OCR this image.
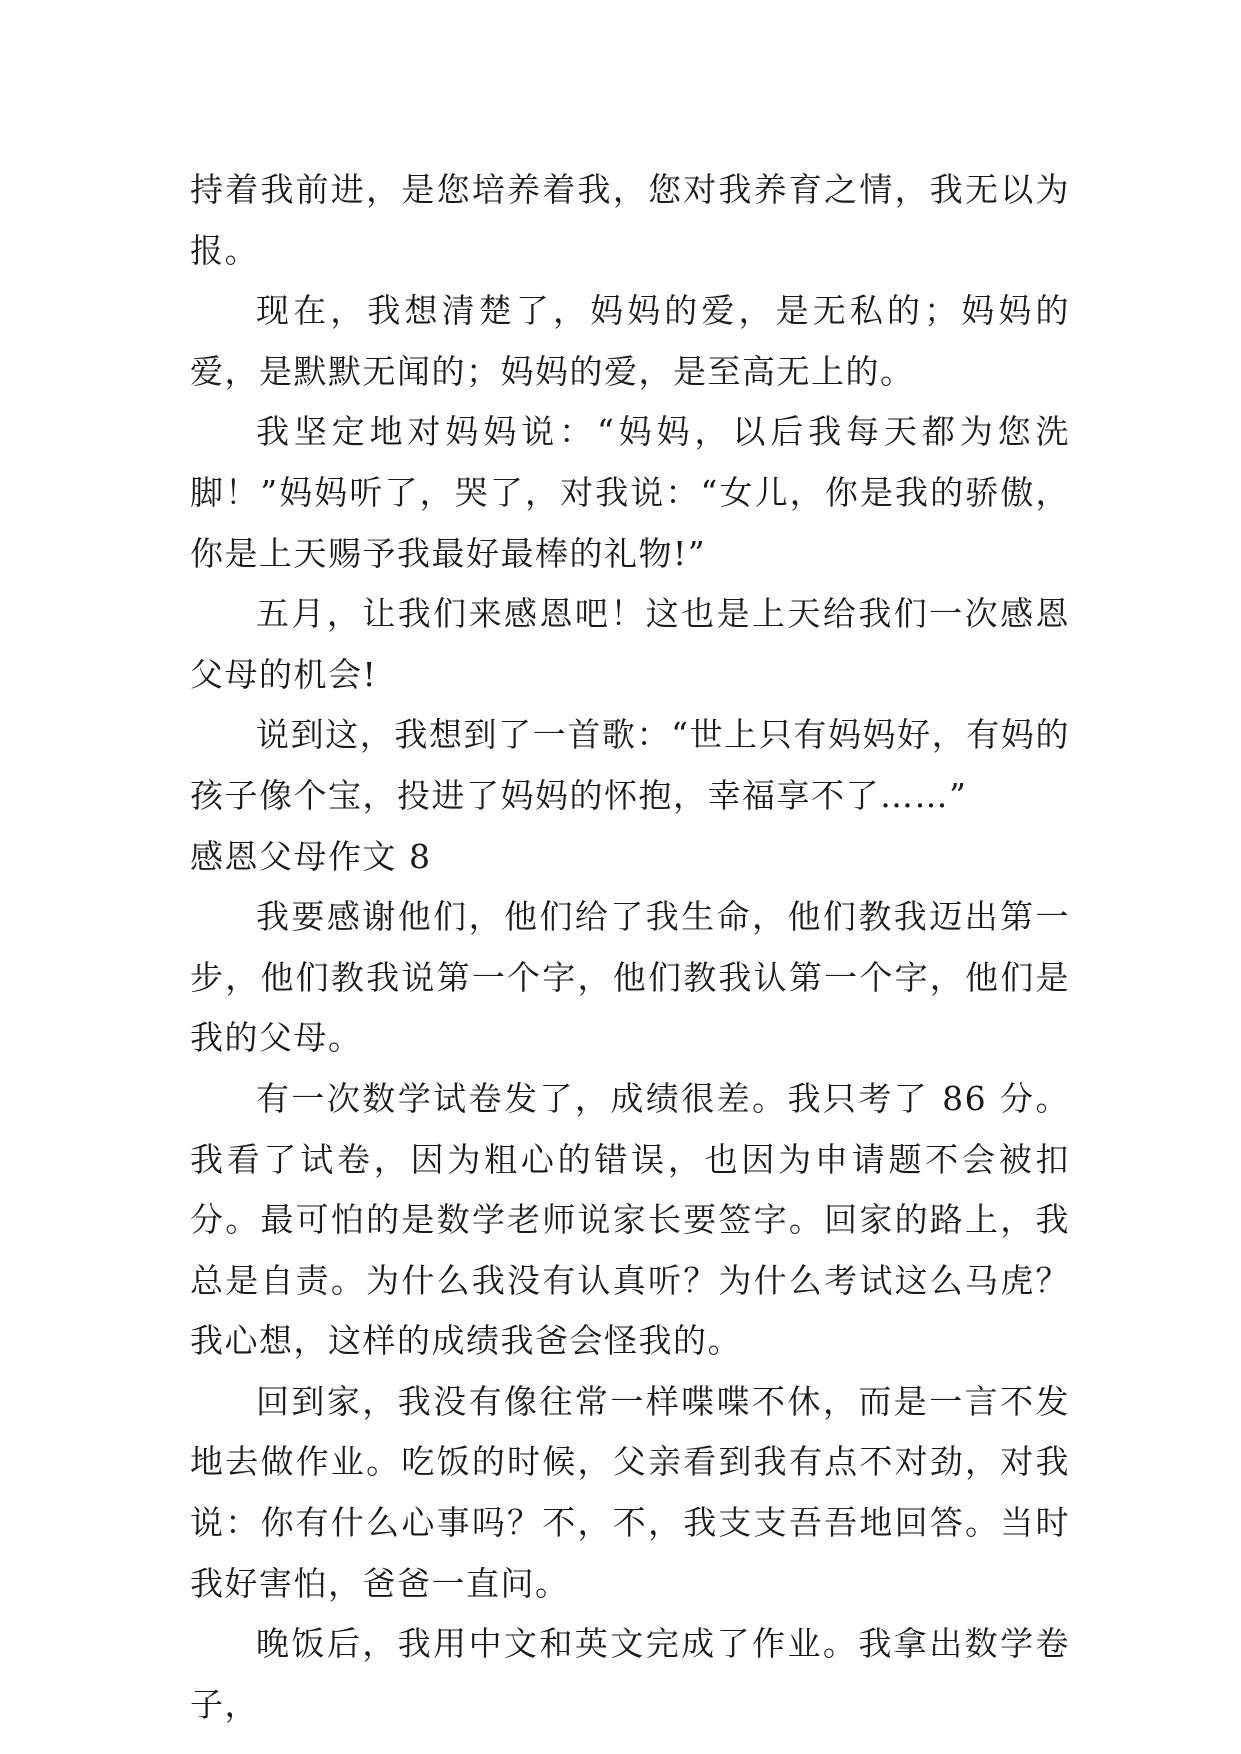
持着我前进，是您培养着我，您对我养育之情，我无以为报。

现在，我想清楚了，妈妈的爱，是无私的；妈妈的爱，是默默无闻的；妈妈的爱，是至高无上的。

我坚定地对妈妈说：“妈妈，以后我每天都为您洗脚！”妈妈听了，哭了，对我说：“女儿，你是我的骄傲，你是上天赐予我最好最棒的礼物!”

五月，让我们来感恩吧！这也是上天给我们一次感恩父母的机会!

说到这，我想到了一首歌：“世上只有妈妈好，有妈的孩子像个宝，投进了妈妈的怀抱，幸福享不了……”

感恩父母作文 8

我要感谢他们，他们给了我生命，他们教我迈出第一步，他们教我说第一个字，他们教我认第一个字，他们是我的父母。

有一次数学试卷发了，成绩很差。我只考了 86 分。我看了试卷，因为粗心的错误，也因为申请题不会被扣分。最可怕的是数学老师说家长要签字。回家的路上，我总是自责。为什么我没有认真听？为什么考试这么马虎？我心想，这样的成绩我爸会怪我的。

回到家，我没有像往常一样喋喋不休，而是一言不发地去做作业。吃饭的时候，父亲看到我有点不对劲，对我说：你有什么心事吗？不，不，我支支吾吾地回答。当时我好害怕，爸爸一直问。

晚饭后，我用中文和英文完成了作业。我拿出数学卷子，
